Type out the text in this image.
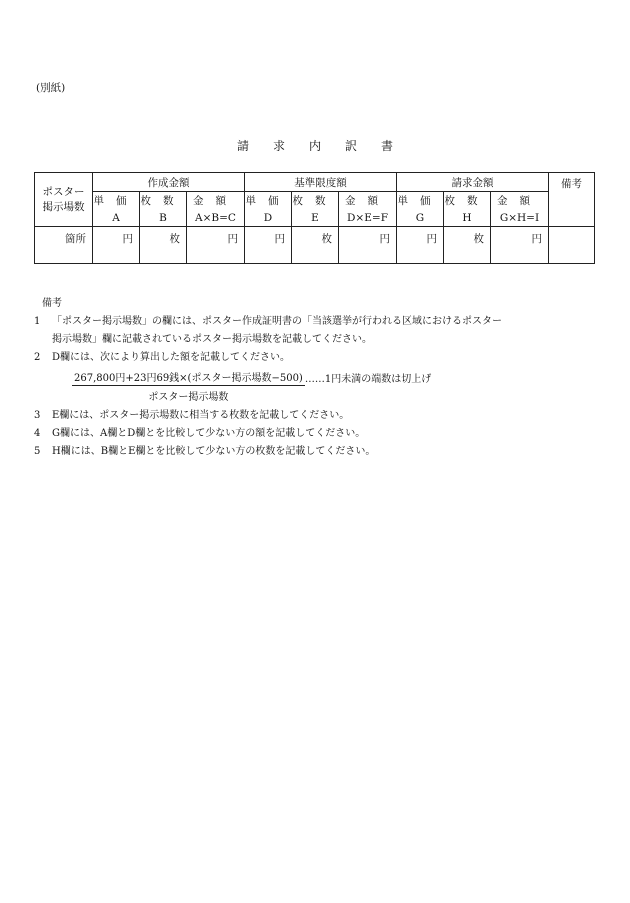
(別紙)
請求内訳書
ポスター
掲示場数	作成金額			基準限度額			請求金額			備考
	単価	枚数	金額	単価	枚数	金額	単価	枚数	金額	
	A	B	A×B=C	D	E	D×E=F	G	H	G×H=I	
箇所	円	枚	円	円	枚	円	円	枚	円	

備考

1	「ポスター掲示場数」の欄には、ポスター作成証明書の「当該選挙が行われる区域におけるポスター
掲示場数」欄に記載されているポスター掲示場数を記載してください。
2	D欄には、次により算出した額を記載してください。
3	E欄には、ポスター掲示場数に相当する枚数を記載してください。
4	G欄には、A欄とD欄とを比較して少ない方の額を記載してください。
5	H欄には、B欄とE欄とを比較して少ない方の枚数を記載してください。
$\frac{\text{267,800円+23円69銭×(ポスター掲示場数−500)}}{\text{ポスター掲示場数}}$ ……1円未満の端数は切上げ
